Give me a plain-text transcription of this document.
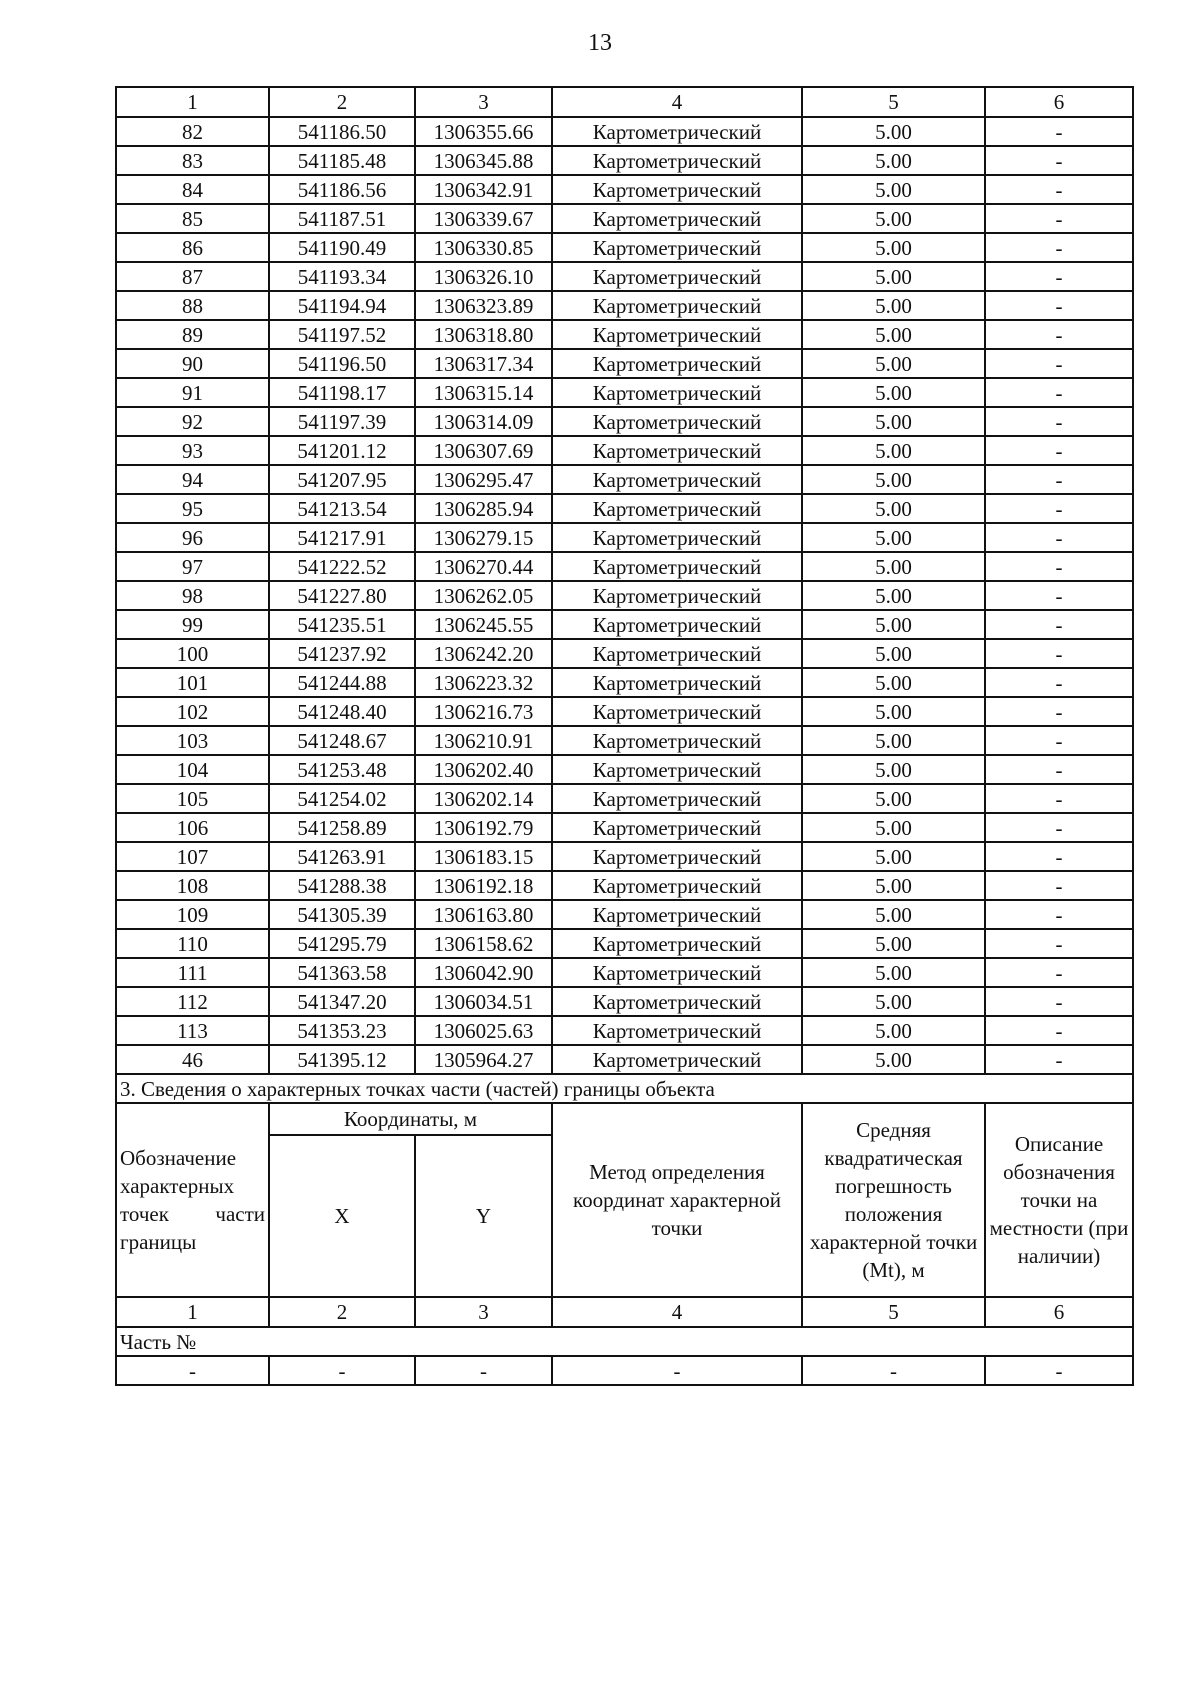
13
1	2	3	4	5	6
82	541186.50	1306355.66	Картометрический	5.00	-
83	541185.48	1306345.88	Картометрический	5.00	-
84	541186.56	1306342.91	Картометрический	5.00	-
85	541187.51	1306339.67	Картометрический	5.00	-
86	541190.49	1306330.85	Картометрический	5.00	-
87	541193.34	1306326.10	Картометрический	5.00	-
88	541194.94	1306323.89	Картометрический	5.00	-
89	541197.52	1306318.80	Картометрический	5.00	-
90	541196.50	1306317.34	Картометрический	5.00	-
91	541198.17	1306315.14	Картометрический	5.00	-
92	541197.39	1306314.09	Картометрический	5.00	-
93	541201.12	1306307.69	Картометрический	5.00	-
94	541207.95	1306295.47	Картометрический	5.00	-
95	541213.54	1306285.94	Картометрический	5.00	-
96	541217.91	1306279.15	Картометрический	5.00	-
97	541222.52	1306270.44	Картометрический	5.00	-
98	541227.80	1306262.05	Картометрический	5.00	-
99	541235.51	1306245.55	Картометрический	5.00	-
100	541237.92	1306242.20	Картометрический	5.00	-
101	541244.88	1306223.32	Картометрический	5.00	-
102	541248.40	1306216.73	Картометрический	5.00	-
103	541248.67	1306210.91	Картометрический	5.00	-
104	541253.48	1306202.40	Картометрический	5.00	-
105	541254.02	1306202.14	Картометрический	5.00	-
106	541258.89	1306192.79	Картометрический	5.00	-
107	541263.91	1306183.15	Картометрический	5.00	-
108	541288.38	1306192.18	Картометрический	5.00	-
109	541305.39	1306163.80	Картометрический	5.00	-
110	541295.79	1306158.62	Картометрический	5.00	-
111	541363.58	1306042.90	Картометрический	5.00	-
112	541347.20	1306034.51	Картометрический	5.00	-
113	541353.23	1306025.63	Картометрический	5.00	-
46	541395.12	1305964.27	Картометрический	5.00	-
3. Сведения о характерных точках части (частей) границы объекта					
Обозначение характерных точек части границы	Координаты, м		Метод определения координат характерной точки	Средняя квадратическая погрешность положения характерной точки (Mt), м	Описание обозначения точки на местности (при наличии)
	X	Y			
1	2	3	4	5	6
Часть №					
-	-	-	-	-	-
